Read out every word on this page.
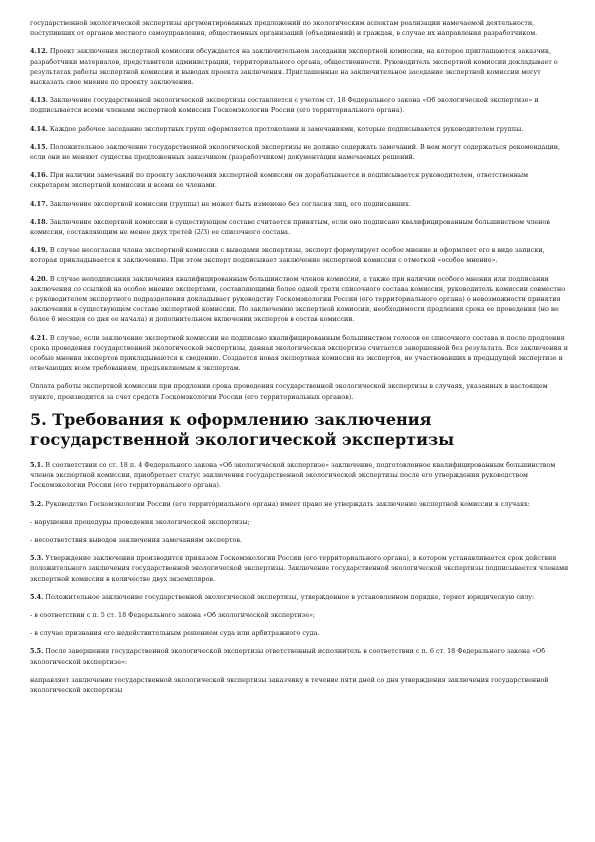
государственной экологической экспертизы аргументированных предложений по экологическим аспектам реализации намечаемой деятельности, поступивших от органов местного самоуправления, общественных организаций (объединений) и граждан, в случае их направления разработчиком.

4.12. Проект заключения экспертной комиссии обсуждается на заключительном заседании экспертной комиссии, на которое приглашаются заказчик, разработчики материалов, представители администрации, территориального органа, общественности. Руководитель экспертной комиссии докладывает о результатах работы экспертной комиссии и выводах проекта заключения. Приглашенные на заключительное заседание экспертной комиссии могут высказать свое мнение по проекту заключения.

4.13. Заключение государственной экологической экспертизы составляется с учетом ст. 18 Федерального закона «Об экологической экспертизе» и подписывается всеми членами экспертной комиссии Госкомэкологии России (его территориального органа).

4.14. Каждое рабочее заседание экспертных групп оформляется протоколами и замечаниями, которые подписываются руководителем группы.

4.15. Положительное заключение государственной экологической экспертизы не должно содержать замечаний. В нем могут содержаться рекомендации, если они не меняют существа предложенных заказчиком (разработчиком) документации намечаемых решений.

4.16. При наличии замечаний по проекту заключения экспертной комиссии он дорабатывается и подписывается руководителем, ответственным секретарем экспертной комиссии и всеми ее членами.

4.17. Заключение экспертной комиссии (группы) не может быть изменено без согласия лиц, его подписавших.

4.18. Заключение экспертной комиссии в существующем составе считается принятым, если оно подписано квалифицированным большинством членов комиссии, составляющим не менее двух третей (2/3) ее списочного состава.

4.19. В случае несогласия члена экспертной комиссии с выводами экспертизы, эксперт формулирует особое мнение и оформляет его в виде записки, которая прикладывается к заключению. При этом эксперт подписывает заключение экспертной комиссии с отметкой «особое мнение».

4.20. В случае неподписания заключения квалифицированным большинством членов комиссии, а также при наличии особого мнения или подписании заключения со ссылкой на особое мнение экспертами, составляющими более одной трети списочного состава комиссии, руководитель комиссии совместно с руководителем экспертного подразделения докладывает руководству Госкомэкологии России (его территориального органа) о невозможности принятия заключения в существующем составе экспертной комиссии. По заключению экспертной комиссии, необходимости продления срока ее проведения (но не более 6 месяцев со дня ее начала) и дополнительном включении экспертов в состав комиссии.

4.21. В случае, если заключение экспертной комиссии не подписано квалифицированным большинством голосов ее списочного состава и после продления срока проведения государственной экологической экспертизы, данная экологическая экспертиза считается завершенной без результата. Все заключения и особые мнения экспертов прикладываются к сведению. Создается новая экспертная комиссия из экспертов, не участвовавших в предыдущей экспертизе и отвечающих всем требованиям, предъявляемым к экспертам.

Оплата работы экспертной комиссии при продлении срока проведения государственной экологической экспертизы в случаях, указанных в настоящем пункте, производится за счет средств Госкомэкологии России (его территориальных органов).

5. Требования к оформлению заключения государственной экологической экспертизы

5.1. В соответствии со ст. 18 п. 4 Федерального закона «Об экологической экспертизе» заключение, подготовленное квалифицированным большинством членов экспертной комиссии, приобретает статус заключения государственной экологической экспертизы после его утверждения руководством Госкомэкологии России (его территориального органа).

5.2. Руководство Госкомэкологии России (его территориального органа) имеет право не утверждать заключение экспертной комиссии в случаях:

- нарушения процедуры проведения экологической экспертизы;

- несоответствия выводов заключения замечаниям экспертов.

5.3. Утверждение заключения производится приказом Госкомэкологии России (его территориального органа), в котором устанавливается срок действия положительного заключения государственной экологической экспертизы. Заключение государственной экологической экспертизы подписывается членами экспертной комиссии в количестве двух экземпляров.

5.4. Положительное заключение государственной экологической экспертизы, утвержденное в установленном порядке, теряет юридическую силу:

- в соответствии с п. 5 ст. 18 Федерального закона «Об экологической экспертизе»;

- в случае признания его недействительным решением суда или арбитражного суда.

5.5. После завершения государственной экологической экспертизы ответственный исполнитель в соответствии с п. 6 ст. 18 Федерального закона «Об экологической экспертизе»:

направляет заключение государственной экологической экспертизы заказчику в течение пяти дней со дня утверждения заключения государственной экологической экспертизы
